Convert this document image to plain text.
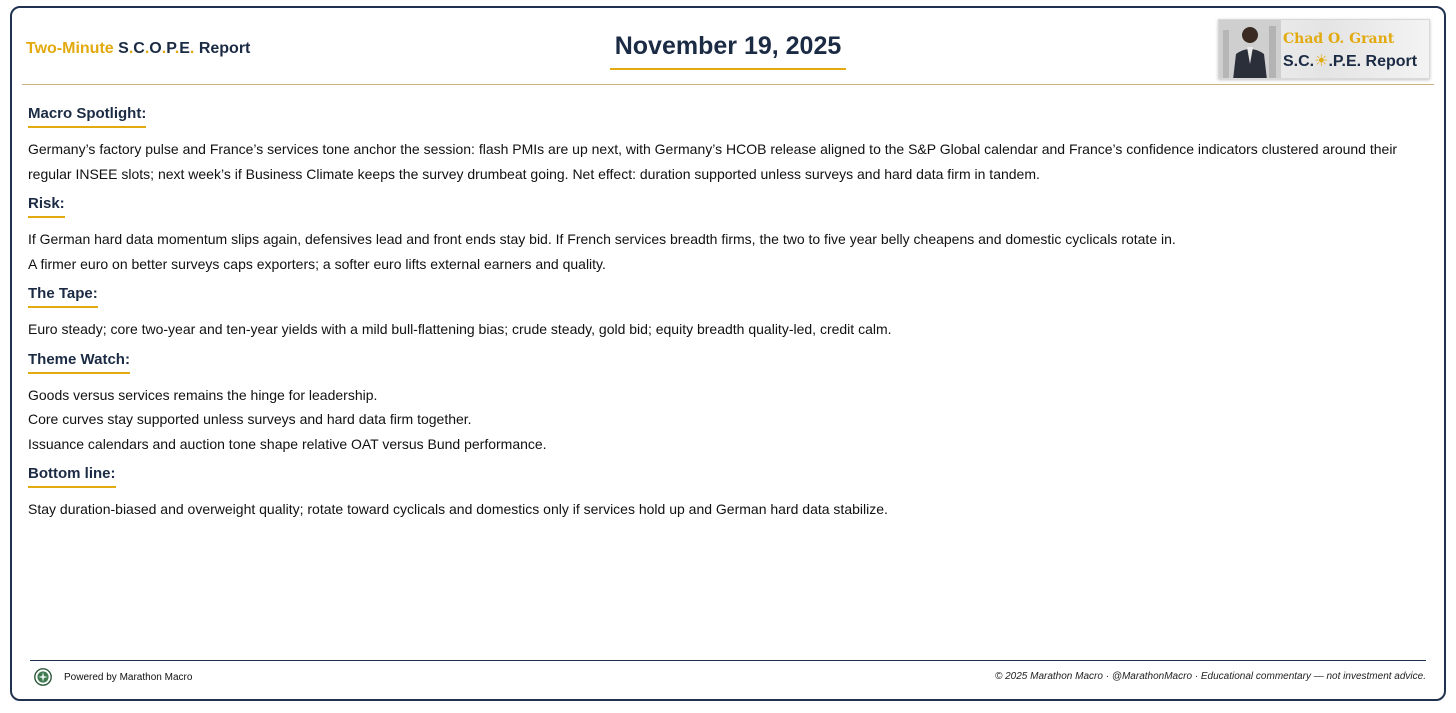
Two-Minute S.C.O.P.E. Report	November 19, 2025	Chad O. Grant
S.C.☀.P.E. Report
Macro Spotlight:

Germany’s factory pulse and France’s services tone anchor the session: flash PMIs are up next, with Germany’s HCOB release aligned to the S&P Global calendar and France’s confidence indicators clustered around their regular INSEE slots; next week’s if Business Climate keeps the survey drumbeat going. Net effect: duration supported unless surveys and hard data firm in tandem.

Risk:

If German hard data momentum slips again, defensives lead and front ends stay bid. If French services breadth firms, the two to five year belly cheapens and domestic cyclicals rotate in.

A firmer euro on better surveys caps exporters; a softer euro lifts external earners and quality.

The Tape:

Euro steady; core two-year and ten-year yields with a mild bull-flattening bias; crude steady, gold bid; equity breadth quality-led, credit calm.

Theme Watch:

Goods versus services remains the hinge for leadership.

Core curves stay supported unless surveys and hard data firm together.

Issuance calendars and auction tone shape relative OAT versus Bund performance.

Bottom line:

Stay duration-biased and overweight quality; rotate toward cyclicals and domestics only if services hold up and German hard data stabilize.

Powered by Marathon Macro	© 2025 Marathon Macro · @MarathonMacro · Educational commentary — not investment advice.
